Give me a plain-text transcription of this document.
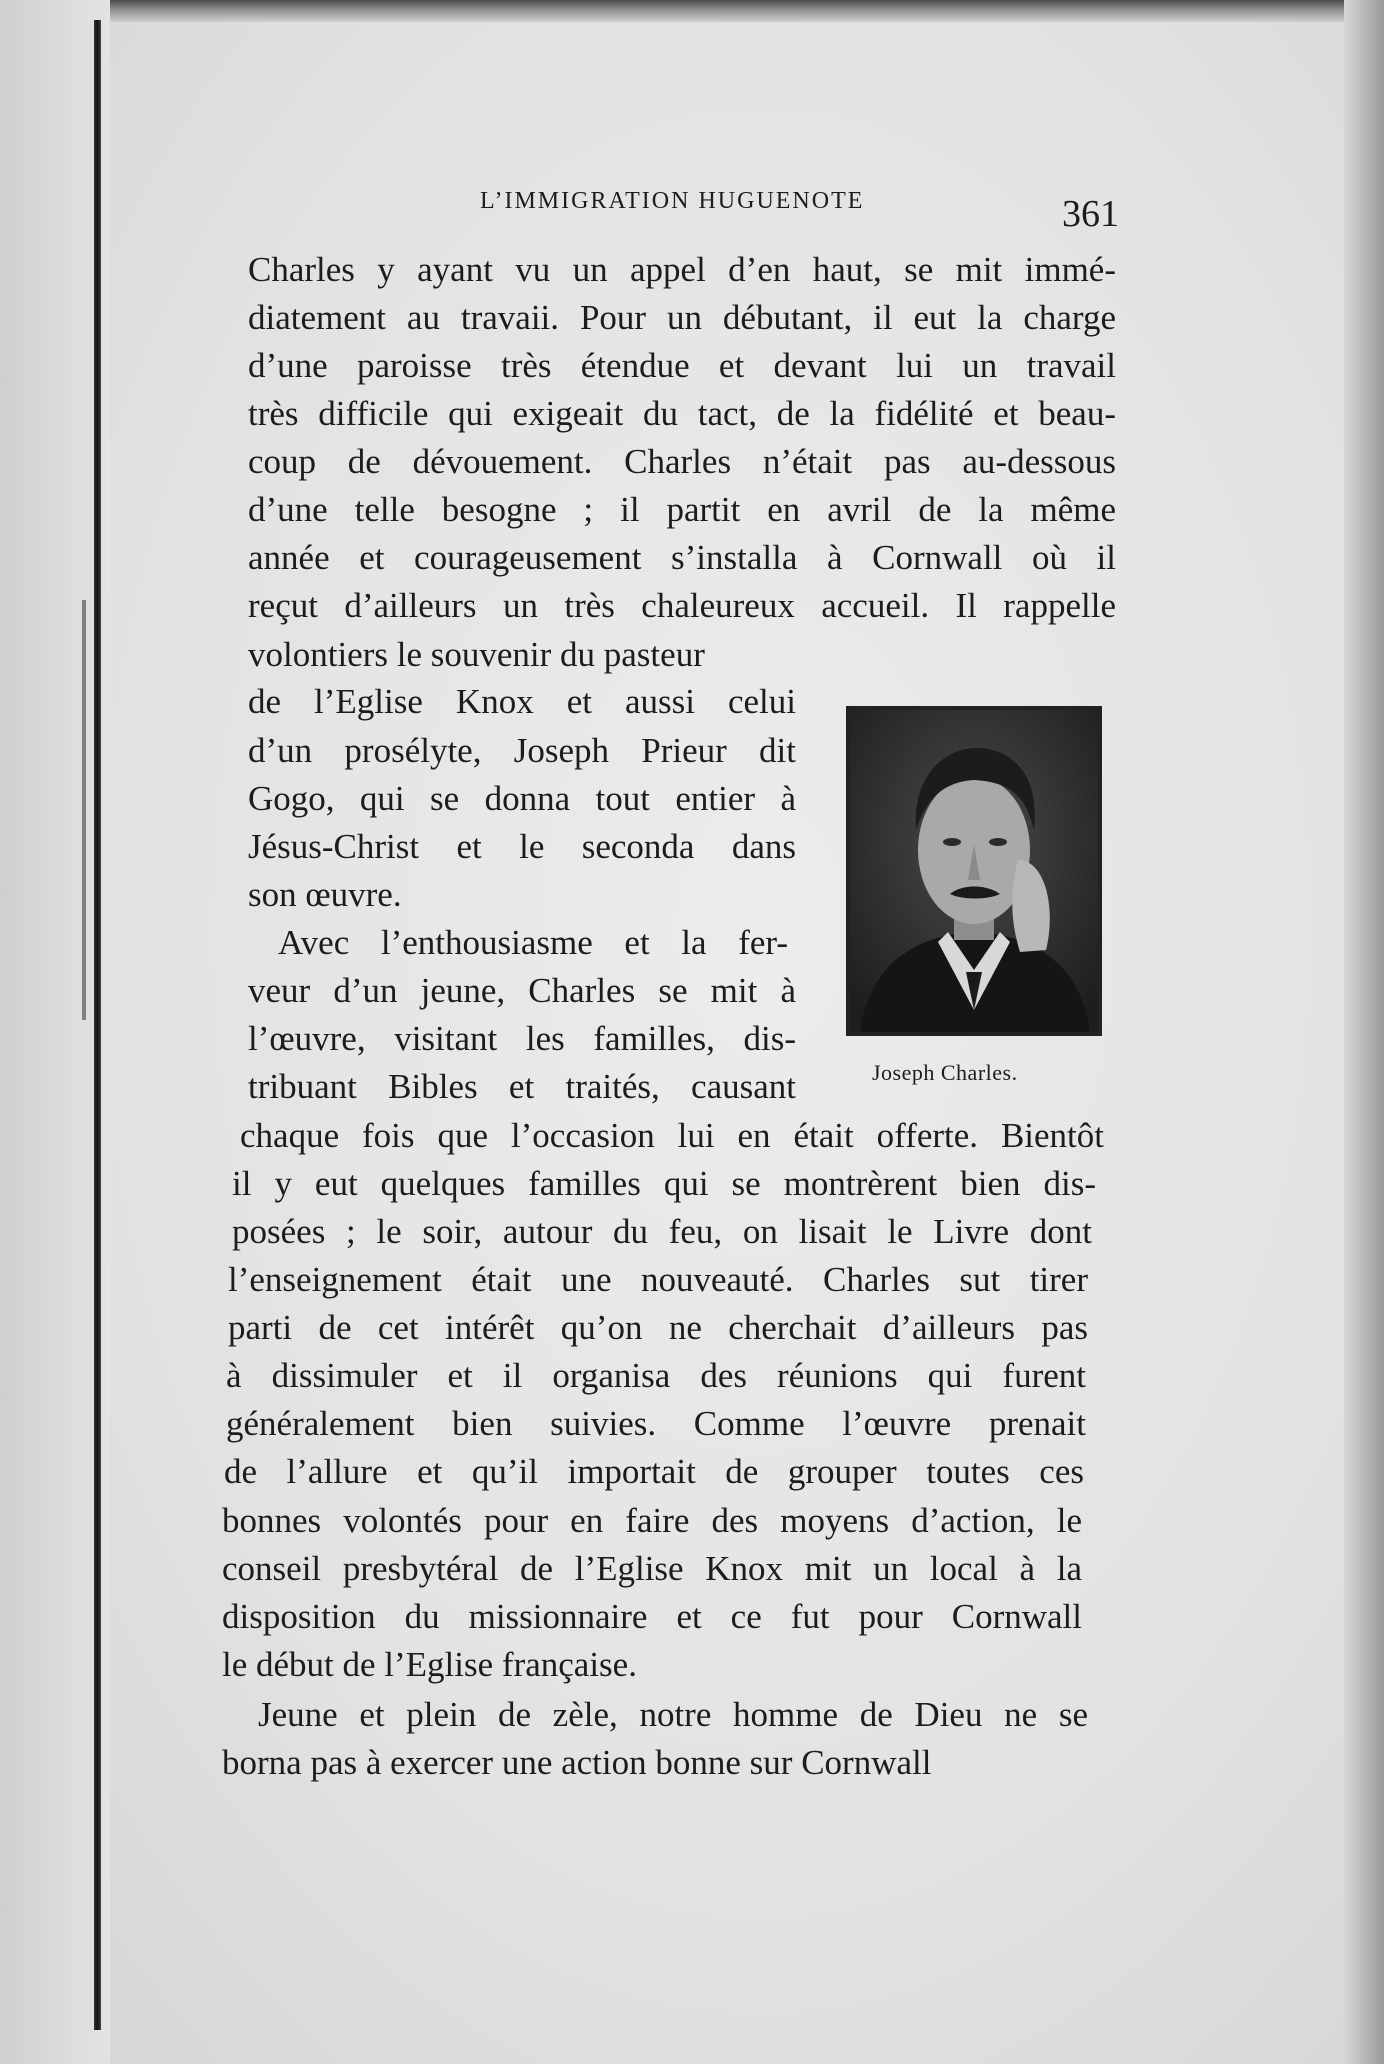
L’IMMIGRATION HUGUENOTE	361
Charles y ayant vu un appel d’en haut, se mit immé-
diatement au travaii. Pour un débutant, il eut la charge
d’une paroisse très étendue et devant lui un travail
très difficile qui exigeait du tact, de la fidélité et beau-
coup de dévouement. Charles n’était pas au-dessous
d’une telle besogne ; il partit en avril de la même
année et courageusement s’installa à Cornwall où il
reçut d’ailleurs un très chaleureux accueil. Il rappelle
volontiers le souvenir du pasteur
de l’Eglise Knox et aussi celui
d’un prosélyte, Joseph Prieur dit
Gogo, qui se donna tout entier à
Jésus-Christ et le seconda dans
son œuvre.
Avec l’enthousiasme et la fer-
veur d’un jeune, Charles se mit à
l’œuvre, visitant les familles, dis-
tribuant Bibles et traités, causant
chaque fois que l’occasion lui en était offerte. Bientôt
il y eut quelques familles qui se montrèrent bien dis-
posées ; le soir, autour du feu, on lisait le Livre dont
l’enseignement était une nouveauté. Charles sut tirer
parti de cet intérêt qu’on ne cherchait d’ailleurs pas
à dissimuler et il organisa des réunions qui furent
généralement bien suivies. Comme l’œuvre prenait
de l’allure et qu’il importait de grouper toutes ces
bonnes volontés pour en faire des moyens d’action, le
conseil presbytéral de l’Eglise Knox mit un local à la
disposition du missionnaire et ce fut pour Cornwall
le début de l’Eglise française.
Jeune et plein de zèle, notre homme de Dieu ne se
borna pas à exercer une action bonne sur Cornwall
Joseph Charles.
